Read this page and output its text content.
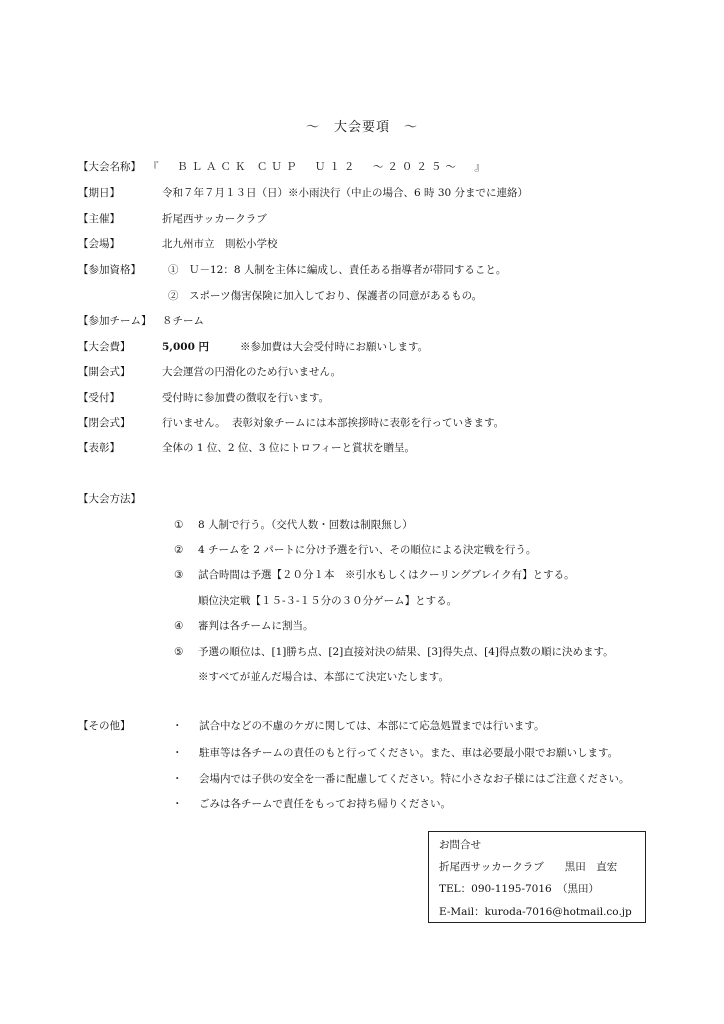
～　大会要項　～
【大会名称】 『　ＢＬＡＣＫ ＣＵＰ　Ｕ１２　～２０２５～　』
【期日】	令和７年７月１３日（日）※小雨決行（中止の場合、6 時 30 分までに連絡）
【主催】	折尾西サッカークラブ
【会場】	北九州市立　則松小学校
【参加資格】	①　Ｕ－12：8 人制を主体に編成し、責任ある指導者が帯同すること。
②　スポーツ傷害保険に加入しており、保護者の同意があるもの。
【参加チーム】 ８チーム
【大会費】	5,000 円	※参加費は大会受付時にお願いします。
【開会式】	大会運営の円滑化のため行いません。
【受付】	受付時に参加費の徴収を行います。
【閉会式】	行いません。 表彰対象チームには本部挨拶時に表彰を行っていきます。
【表彰】	全体の 1 位、2 位、3 位にトロフィーと賞状を贈呈。
【大会方法】
① 8 人制で行う。（交代人数・回数は制限無し）
② 4 チームを 2 パートに分け予選を行い、その順位による決定戦を行う。
③ 試合時間は予選【２０分１本　※引水もしくはクーリングブレイク有】とする。
順位決定戦【１５-３-１５分の３０分ゲーム】とする。
④ 審判は各チームに割当。
⑤ 予選の順位は、[1]勝ち点、[2]直接対決の結果、[3]得失点、[4]得点数の順に決めます。
※すべてが並んだ場合は、本部にて決定いたします。
【その他】	・ 試合中などの不慮のケガに関しては、本部にて応急処置までは行います。
・ 駐車等は各チームの責任のもと行ってください。また、車は必要最小限でお願いします。
・ 会場内では子供の安全を一番に配慮してください。特に小さなお子様にはご注意ください。
・ ごみは各チームで責任をもってお持ち帰りください。
お問合せ
折尾西サッカークラブ　　黒田　直宏
TEL：090-1195-7016　（黒田）
E-Mail：kuroda-7016@hotmail.co.jp
